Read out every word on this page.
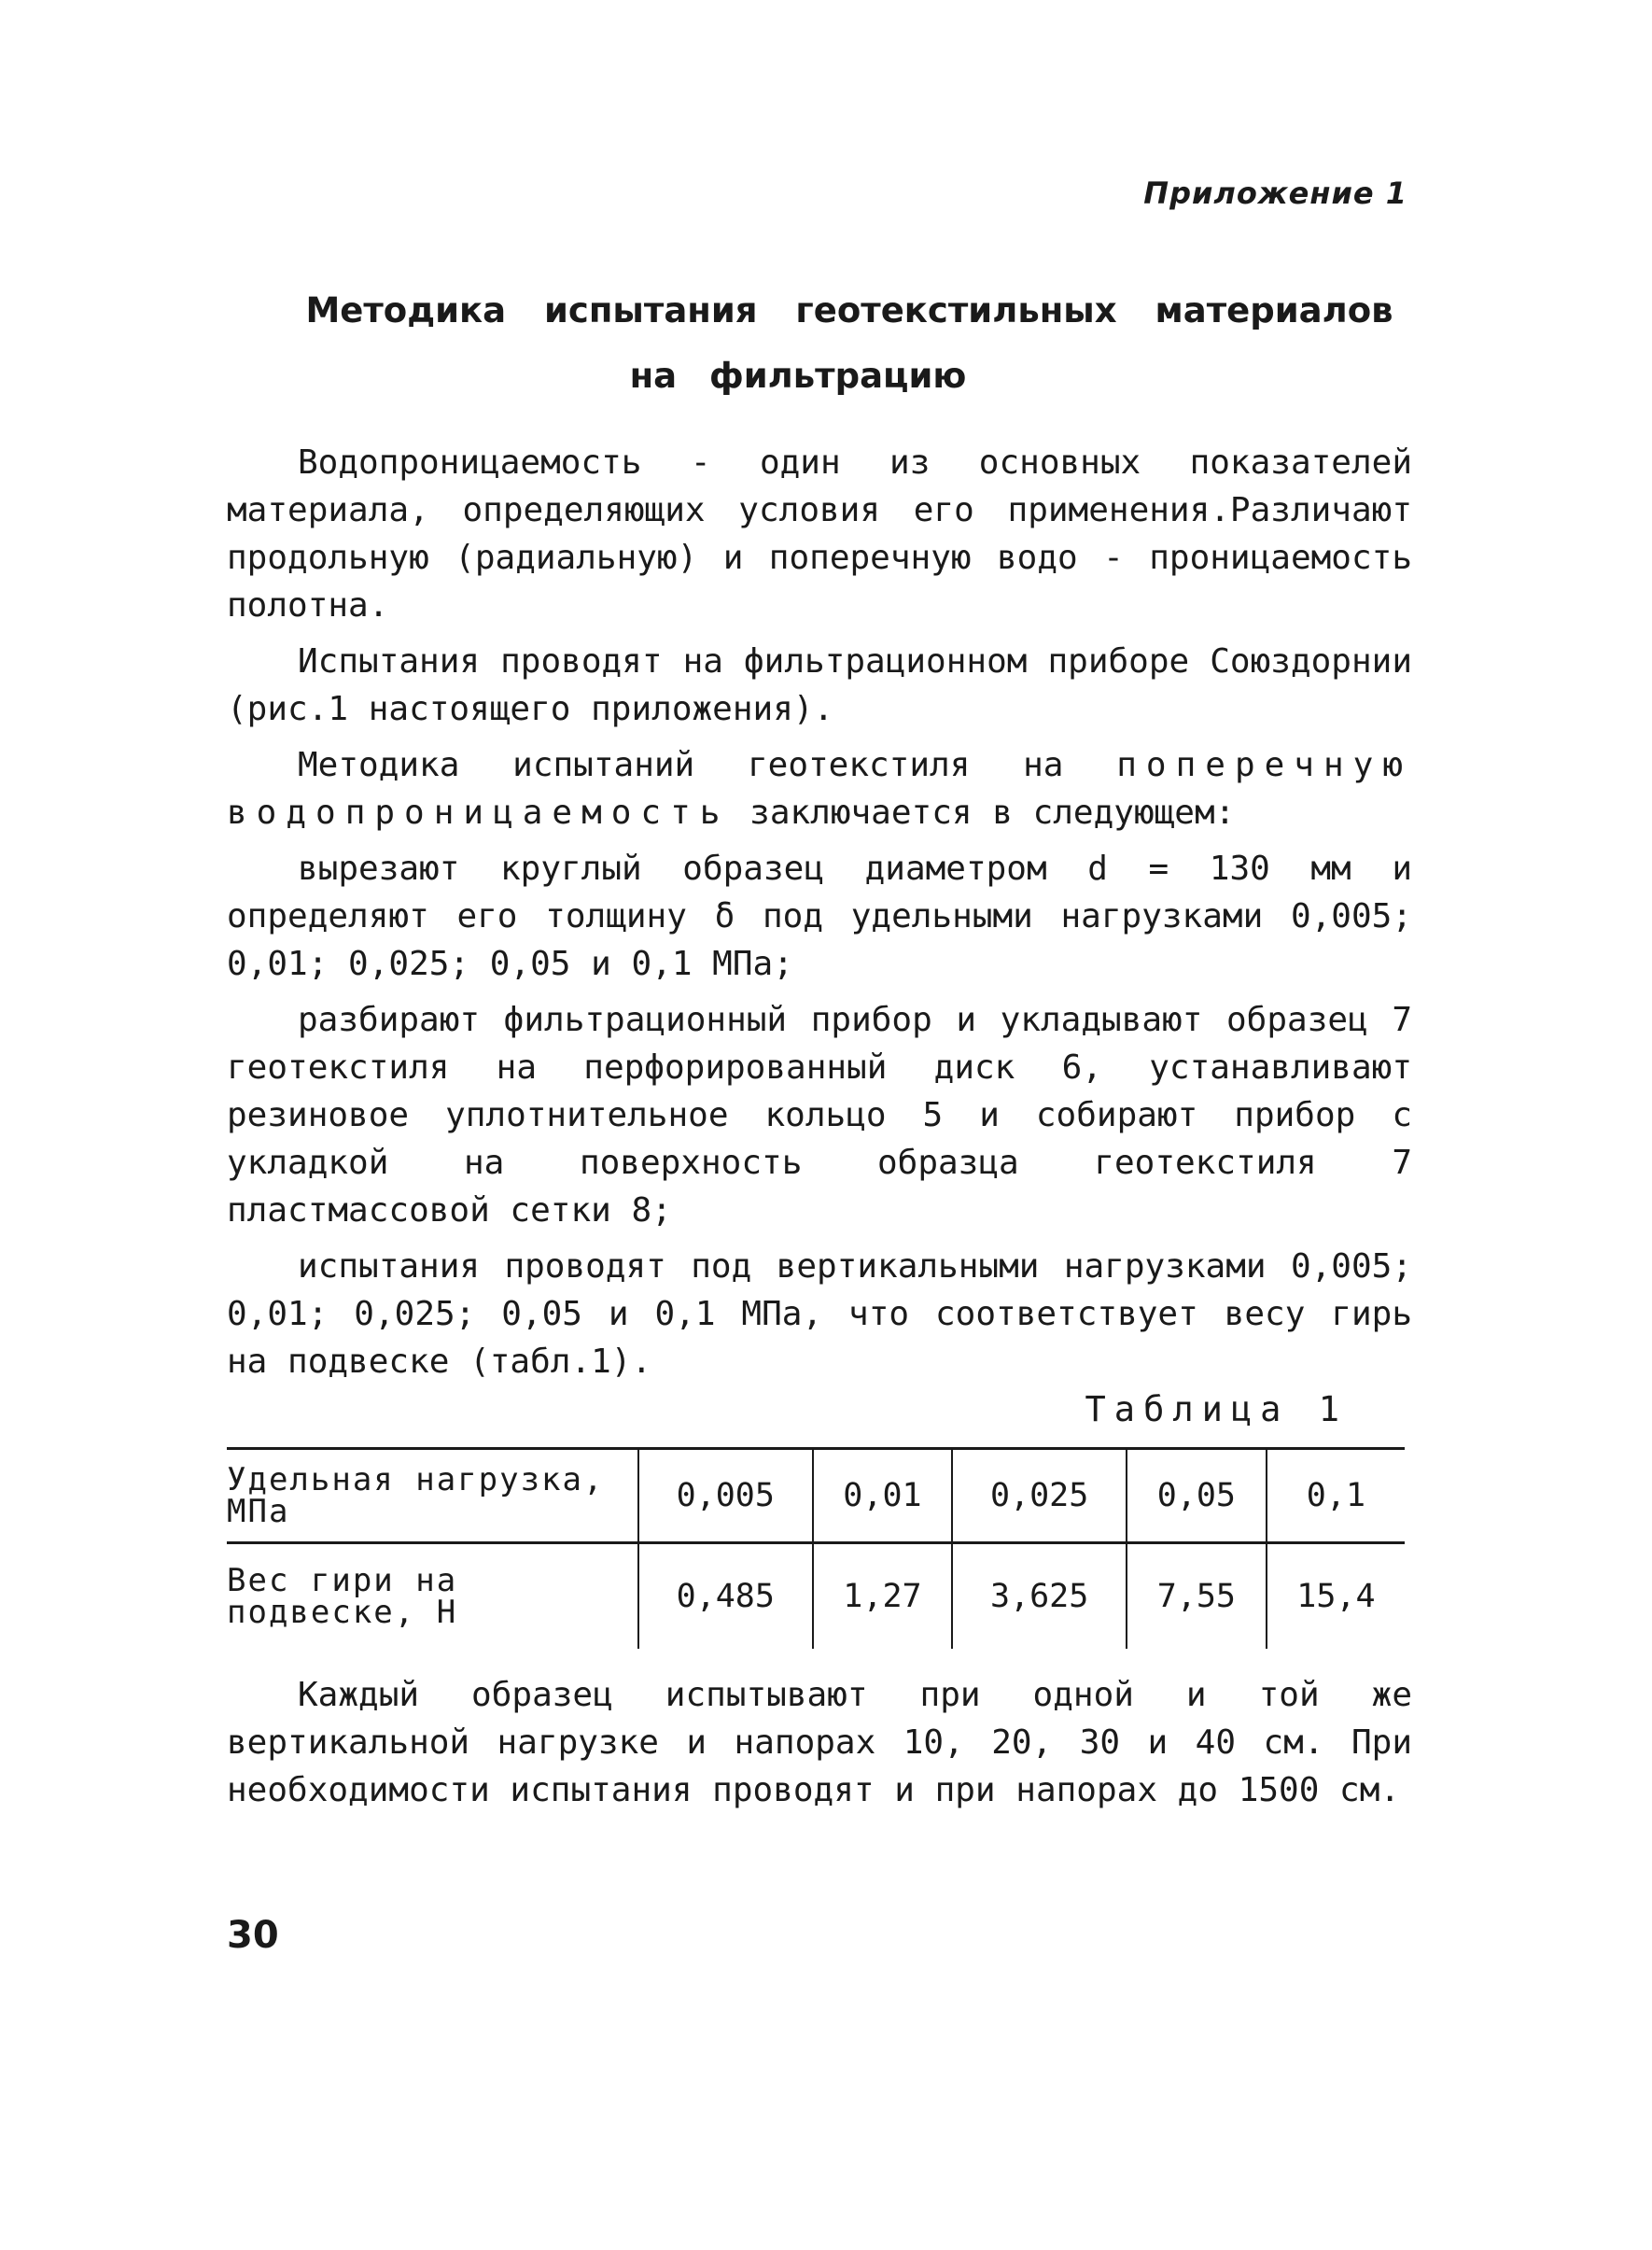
Приложение 1
Методика испытания геотекстильных материалов
на фильтрацию

Водопроницаемость - один из основных показателей материала, определяющих условия его применения.Различают продольную (радиальную) и поперечную водо - проницаемость полотна.

Испытания проводят на фильтрационном приборе Союздорнии (рис.1 настоящего приложения).

Методика испытаний геотекстиля на поперечную водопроницаемость заключается в следующем:

вырезают круглый образец диаметром d = 130 мм и определяют его толщину δ под удельными нагрузками 0,005; 0,01; 0,025; 0,05 и 0,1 МПа;

разбирают фильтрационный прибор и укладывают образец 7 геотекстиля на перфорированный диск 6, устанавливают резиновое уплотнительное кольцо 5 и собирают прибор с укладкой на поверхность образца геотекстиля 7 пластмассовой сетки 8;

испытания проводят под вертикальными нагрузками 0,005; 0,01; 0,025; 0,05 и 0,1 МПа, что соответствует весу гирь на подвеске (табл.1).

Таблица 1
Удельная нагрузка, МПа	0,005	0,01	0,025	0,05	0,1
Вес гири на подвеске, Н	0,485	1,27	3,625	7,55	15,4

Каждый образец испытывают при одной и той же вертикальной нагрузке и напорах 10, 20, 30 и 40 см. При необходимости испытания проводят и при напорах до 1500 см.

30
